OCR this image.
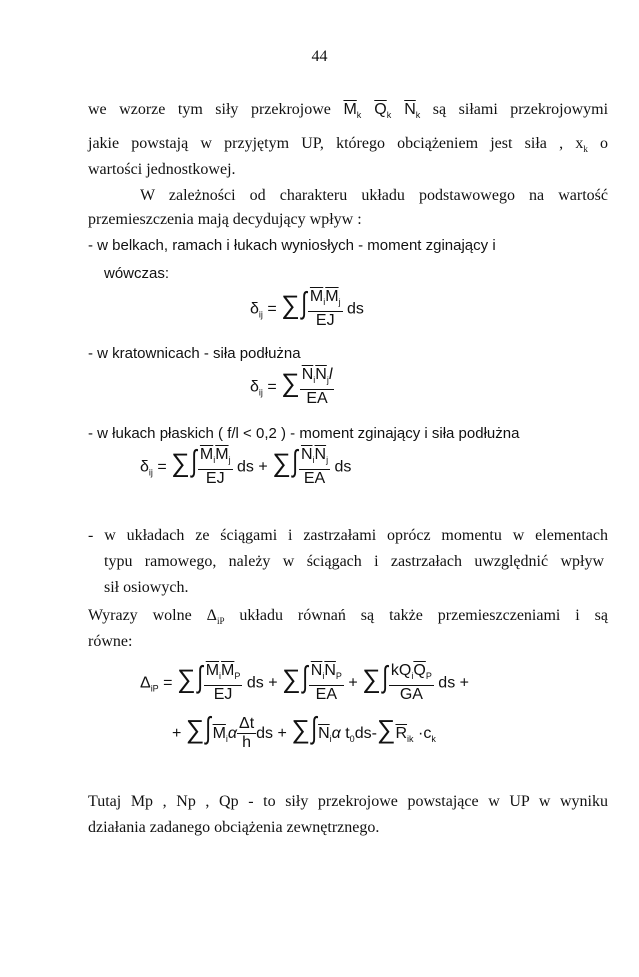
44
we wzorze tym siły przekrojowe $\overline{M}_k$ $\overline{Q}_k$ $\overline{N}_k$ są siłami przekrojowymi
jakie powstają w przyjętym UP, którego obciążeniem jest siła , $x_k$ o
wartości jednostkowej.
W zależności od charakteru układu podstawowego na wartość
przemieszczenia mają decydujący wpływ :
- w belkach, ramach i łukach wyniosłych - moment zginający i
wówczas:
$\delta_{ij}$ = ∑∫ $\frac{\overline{M}_i\overline{M}_j}{EJ}$ ds
- w kratownicach - siła podłużna
$\delta_{ij}$ = ∑ $\frac{\overline{N}_i\overline{N}_jl}{EA}$
- w łukach płaskich ( f/l < 0,2 ) - moment zginający i siła podłużna
$\delta_{ij}$ = ∑∫ $\frac{\overline{M}_i\overline{M}_j}{EJ}$ ds + ∑∫ $\frac{\overline{N}_i\overline{N}_j}{EA}$ ds
- w układach ze ściągami i zastrzałami oprócz momentu w elementach
typu ramowego, należy w ściągach i zastrzałach uwzględnić wpływ
sił osiowych.
Wyrazy wolne $\Delta_{iP}$ układu równań są także przemieszczeniami i są
równe:
$\Delta_{iP}$ = ∑∫ $\frac{\overline{M}_i\overline{M}_P}{EJ}$ ds + ∑∫ $\frac{\overline{N}_i\overline{N}_P}{EA}$ + ∑∫ $\frac{kQ_i\overline{Q}_P}{GA}$ ds +
+ $\sum\int\overline{M}_i\alpha \frac{\Delta t}{h}$ ds + $\sum\int\overline{N}_i\alpha$ $t_0ds-\sum\overline{R}_{ik} \cdot c_k$
Tutaj Mp , Np , Qp - to siły przekrojowe powstające w UP w wyniku
działania zadanego obciążenia zewnętrznego.
